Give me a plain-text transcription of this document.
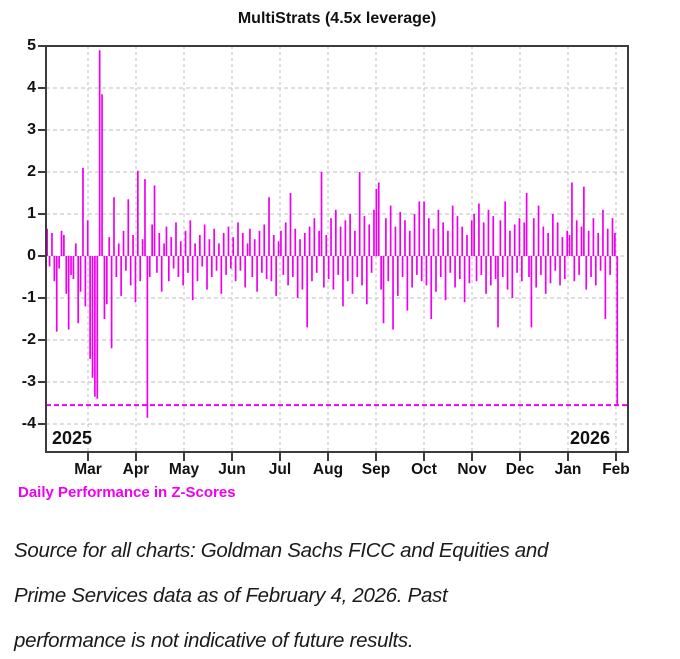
MultiStrats (4.5x leverage)
5
4
3
2
1
0
-1
-2
-3
-4
Mar	Apr	May	Jun	Jul	Aug	Sep	Oct	Nov	Dec	Jan	Feb
2025	2026
Daily Performance in Z-Scores
Source for all charts: Goldman Sachs FICC and Equities and
Prime Services data as of February 4, 2026. Past
performance is not indicative of future results.
